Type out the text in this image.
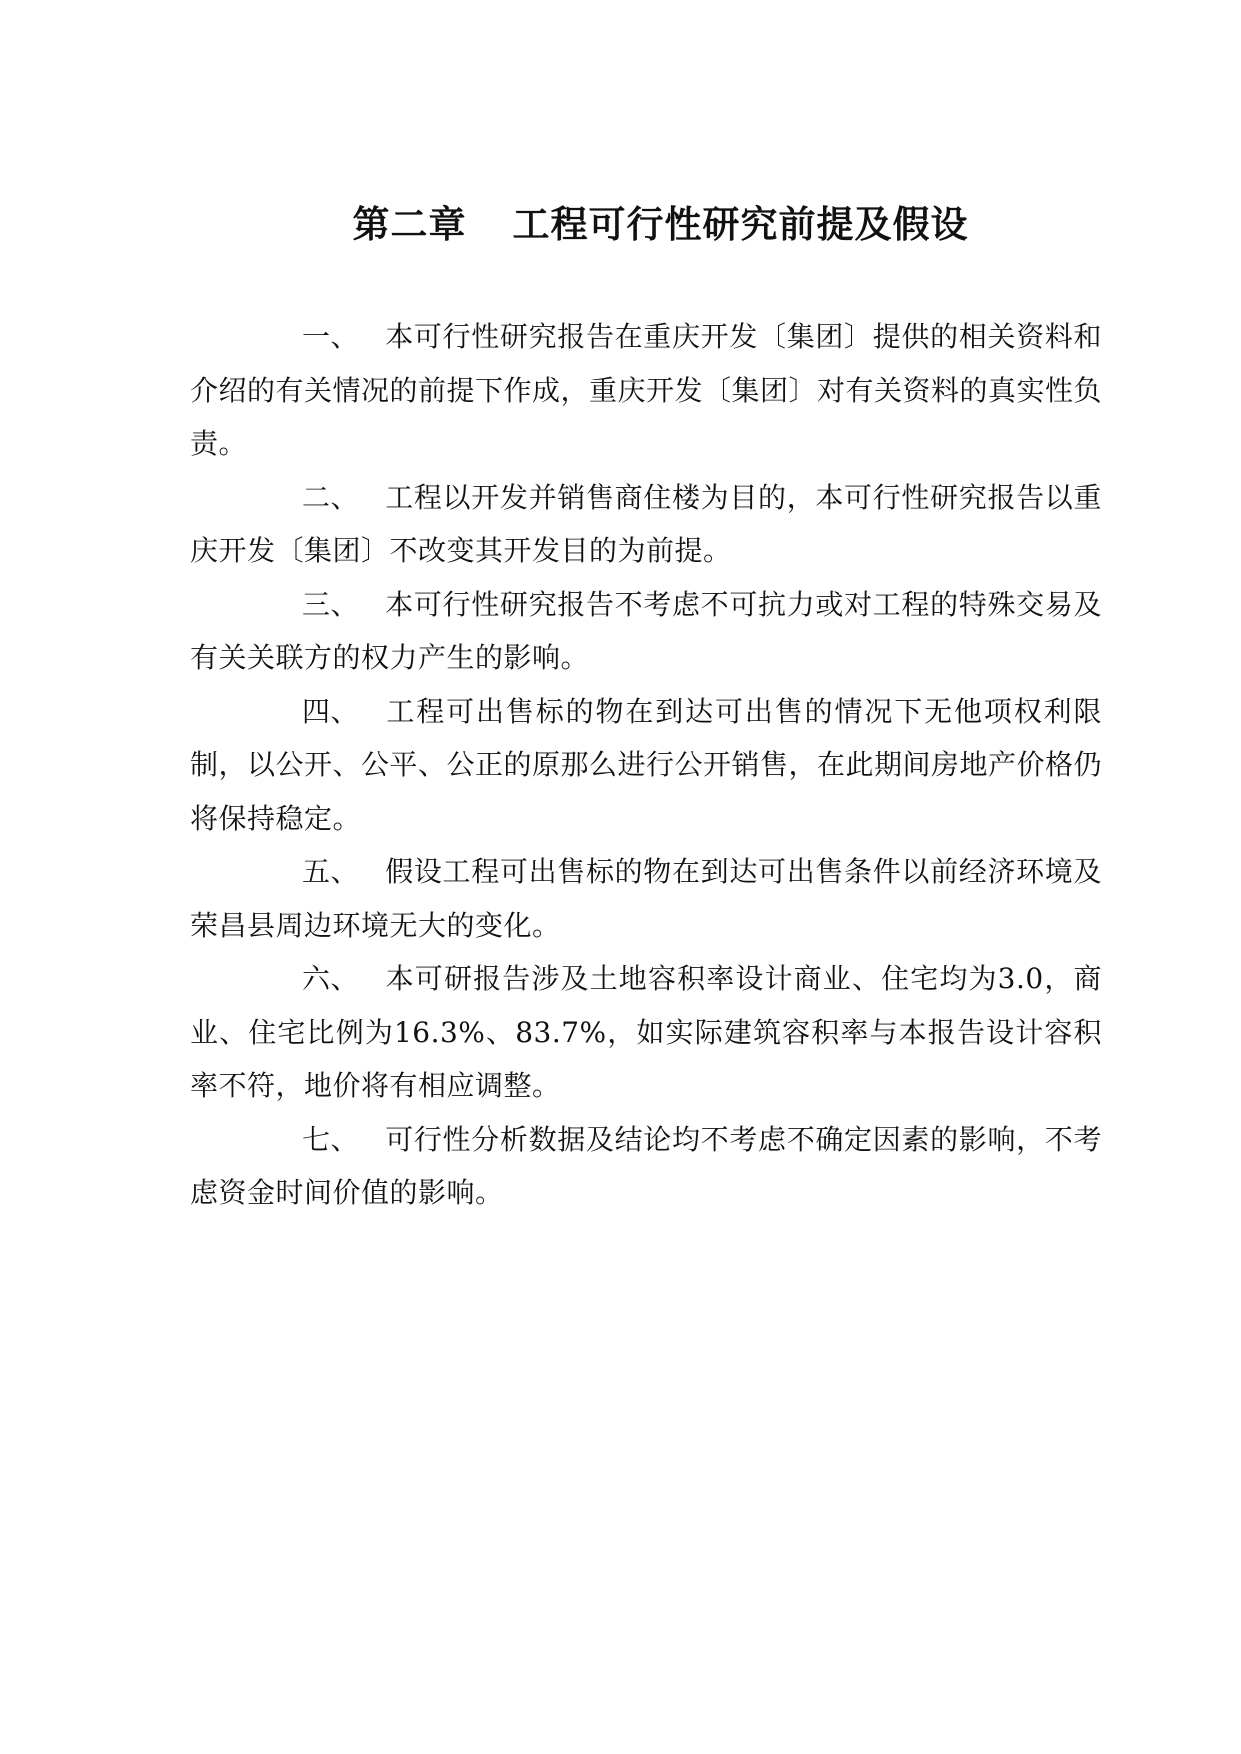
第二章 工程可行性研究前提及假设

一、 本可行性研究报告在重庆开发〔集团〕提供的相关资料和介绍的有关情况的前提下作成，重庆开发〔集团〕对有关资料的真实性负责。

二、 工程以开发并销售商住楼为目的，本可行性研究报告以重庆开发〔集团〕不改变其开发目的为前提。

三、 本可行性研究报告不考虑不可抗力或对工程的特殊交易及有关关联方的权力产生的影响。

四、 工程可出售标的物在到达可出售的情况下无他项权利限制，以公开、公平、公正的原那么进行公开销售，在此期间房地产价格仍将保持稳定。

五、 假设工程可出售标的物在到达可出售条件以前经济环境及荣昌县周边环境无大的变化。

六、 本可研报告涉及土地容积率设计商业、住宅均为3.0，商业、住宅比例为16.3%、83.7%，如实际建筑容积率与本报告设计容积率不符，地价将有相应调整。

七、 可行性分析数据及结论均不考虑不确定因素的影响，不考虑资金时间价值的影响。
